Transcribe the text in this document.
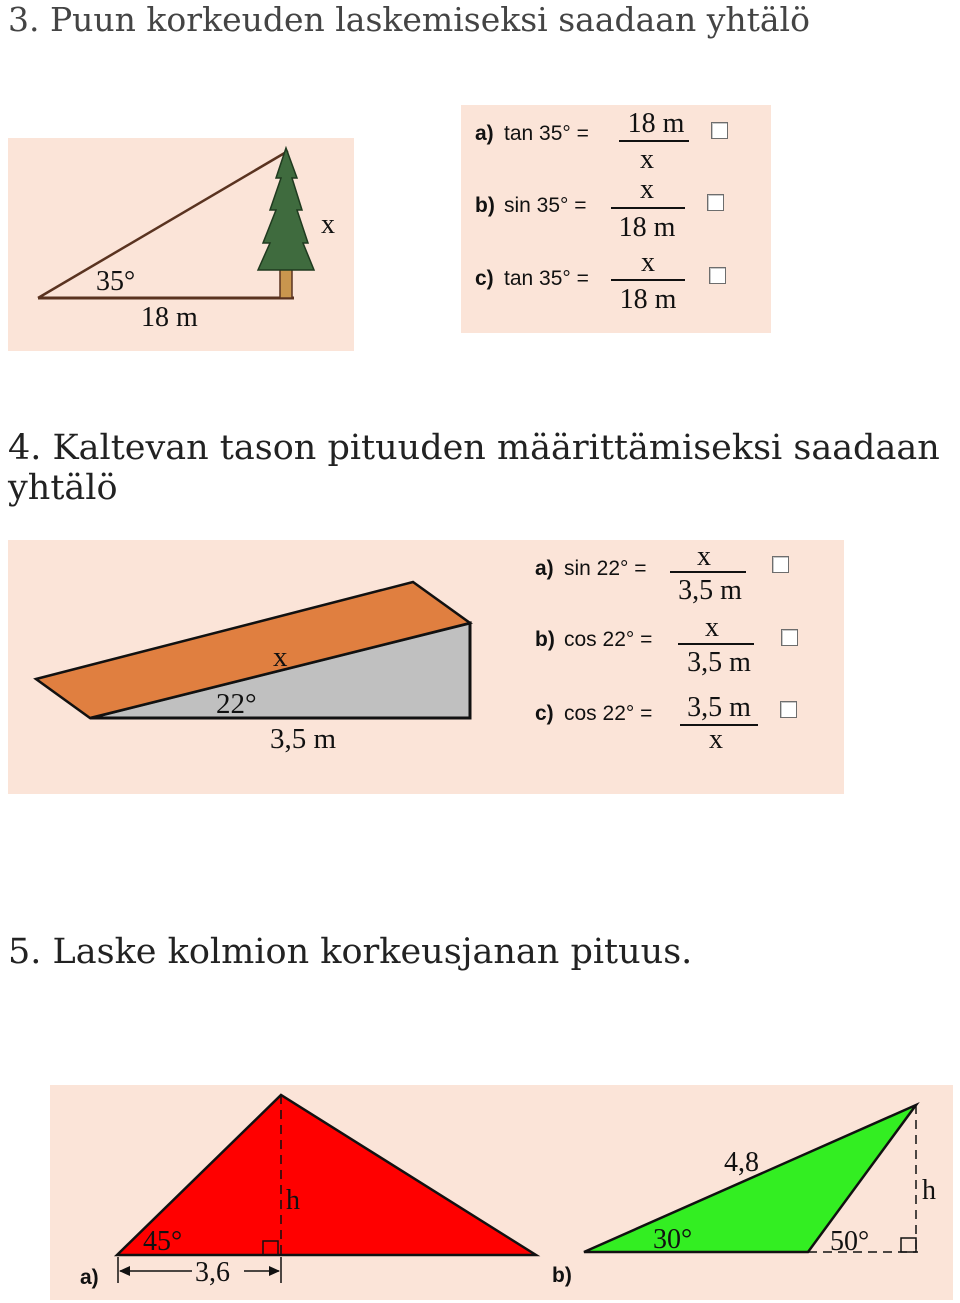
3. Puun korkeuden laskemiseksi saadaan yhtälö
35°
18 m
x
a) tan 35° = 18 m
x
b) sin 35° =
x
18 m
c) tan 35° =
x
18 m
4. Kaltevan tason pituuden määrittämiseksi saadaan yhtälö
x
22°
3,5 m
a) sin 22° = x
3,5 m
b) cos 22° = x
3,5 m
c) cos 22° = 3,5 m
x
5. Laske kolmion korkeusjanan pituus.
45°
h
3,6
a)
4,8
30°	50°
h
b)
